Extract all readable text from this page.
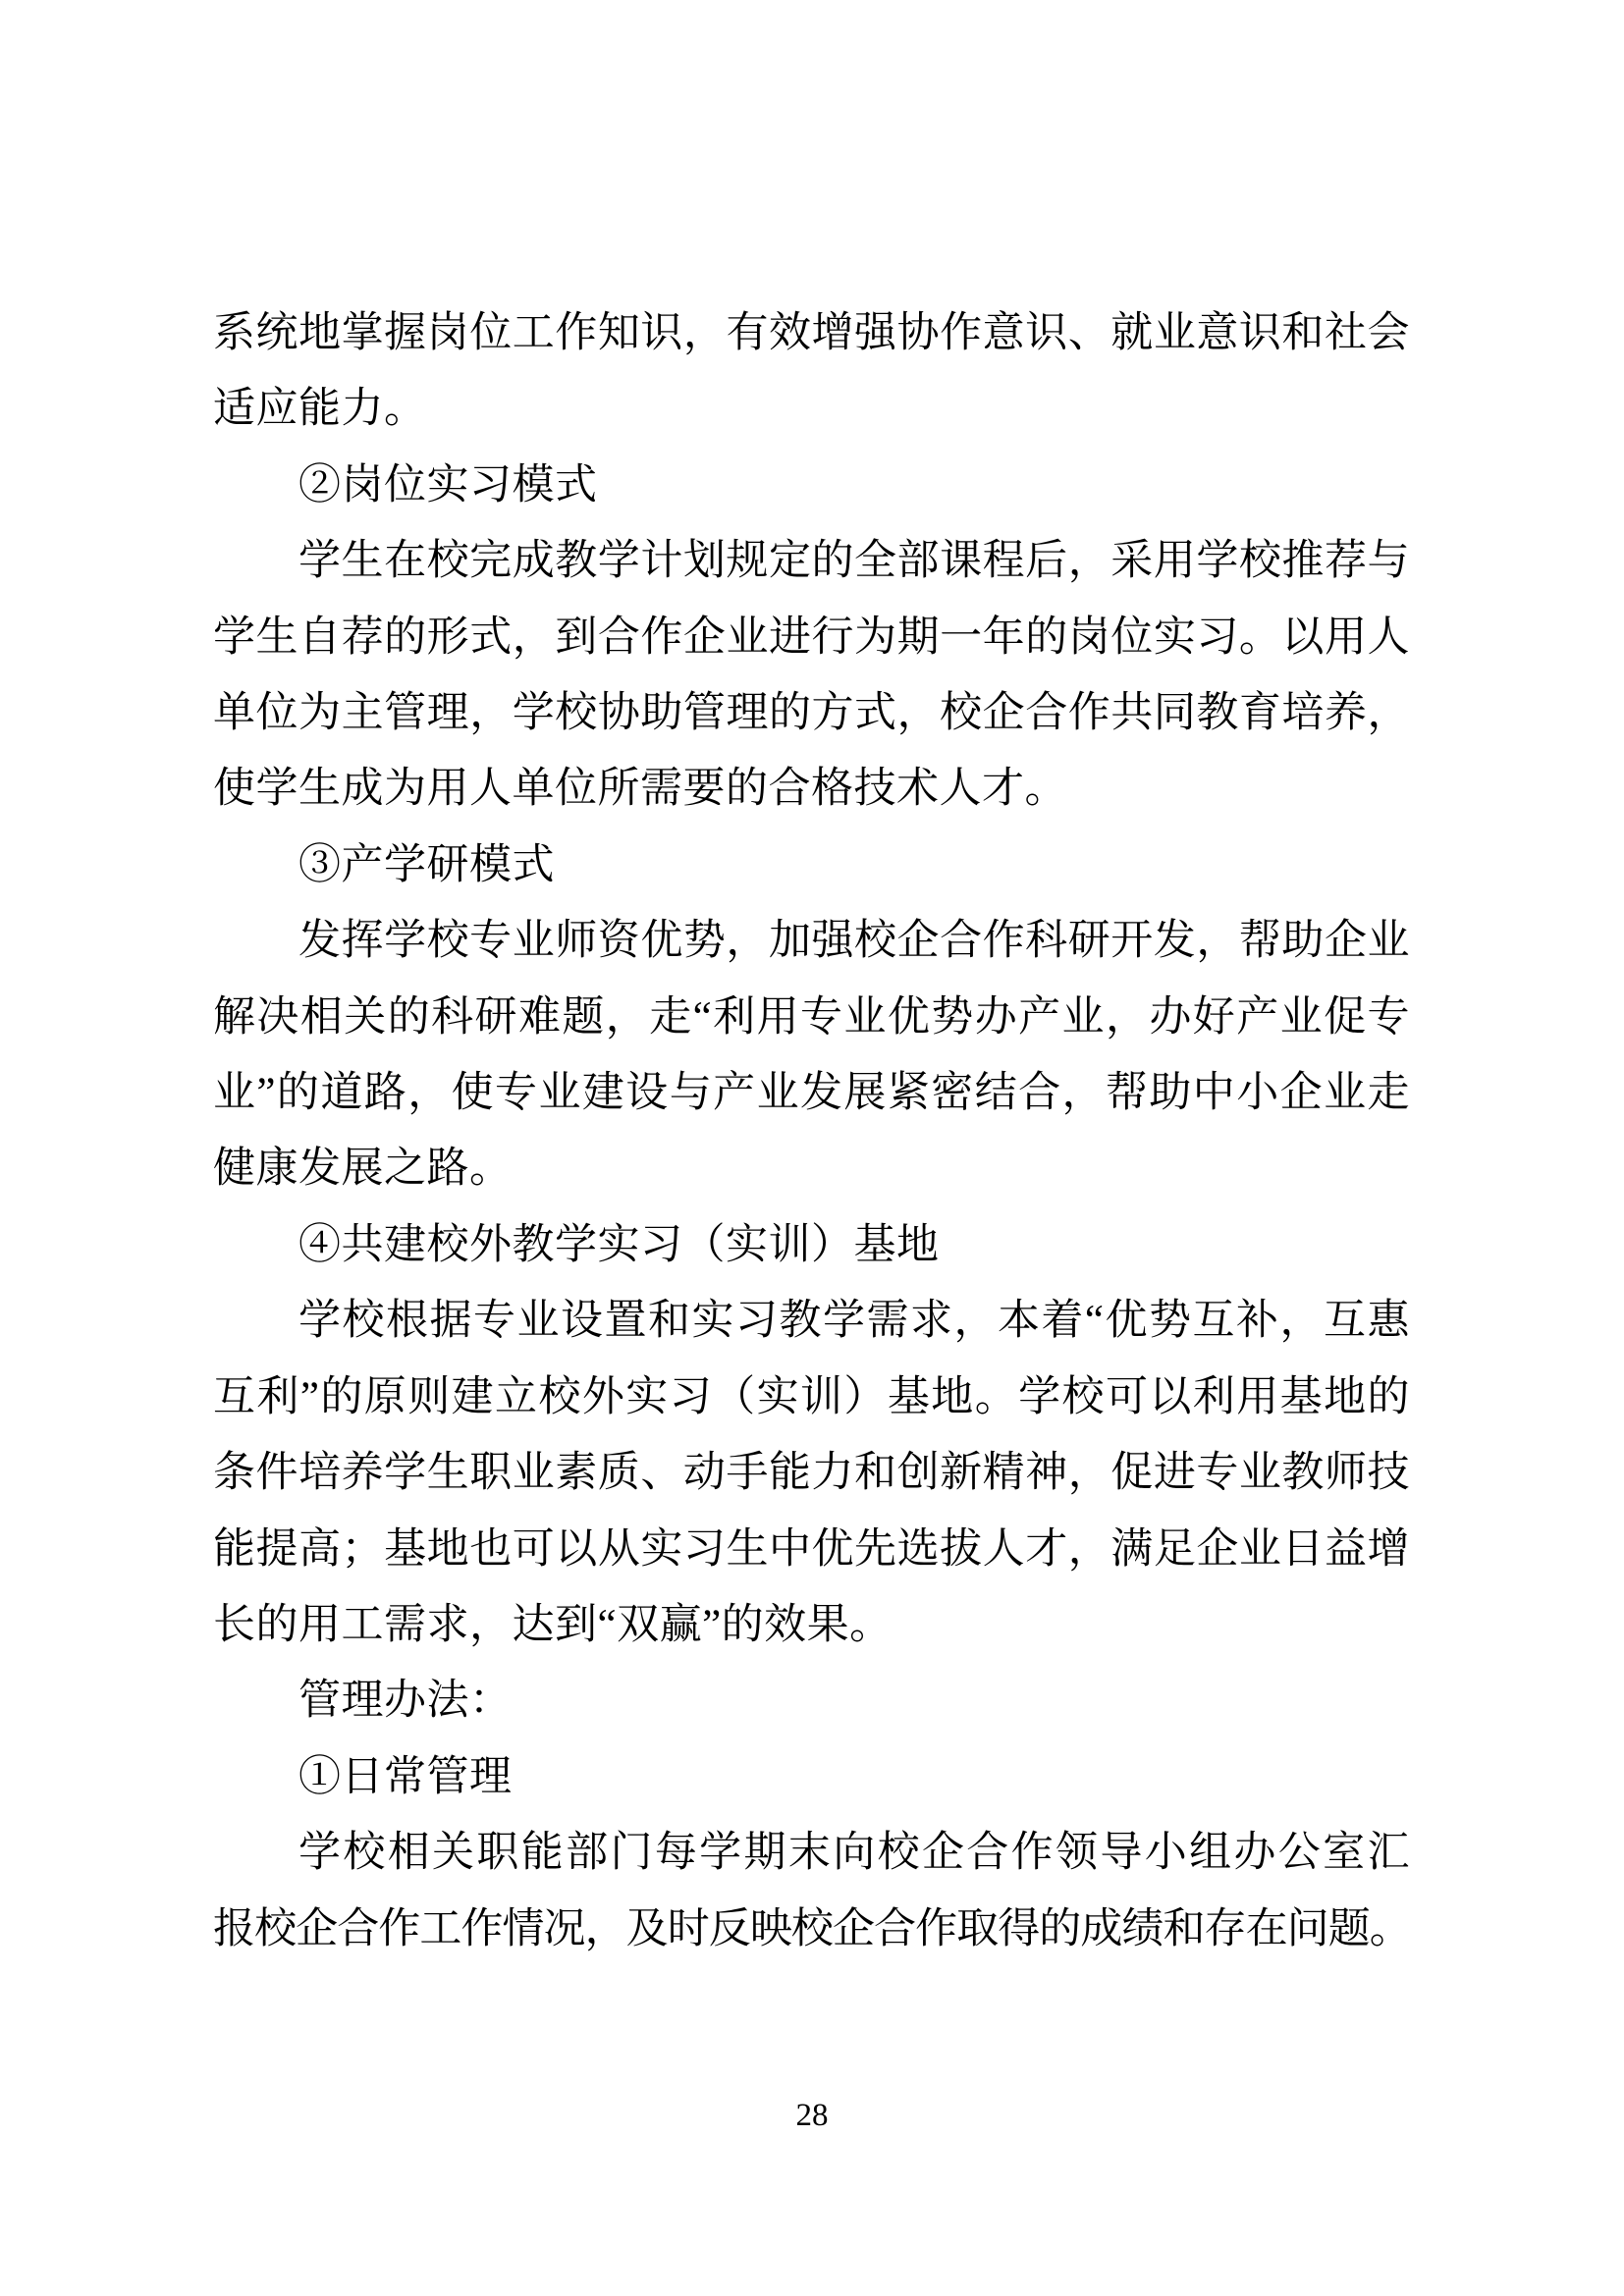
系统地掌握岗位工作知识，有效增强协作意识、就业意识和社会
适应能力。
②岗位实习模式
学生在校完成教学计划规定的全部课程后，采用学校推荐与
学生自荐的形式，到合作企业进行为期一年的岗位实习。以用人
单位为主管理，学校协助管理的方式，校企合作共同教育培养，
使学生成为用人单位所需要的合格技术人才。
③产学研模式
发挥学校专业师资优势，加强校企合作科研开发，帮助企业
解决相关的科研难题，走“利用专业优势办产业，办好产业促专
业”的道路，使专业建设与产业发展紧密结合，帮助中小企业走
健康发展之路。
④共建校外教学实习（实训）基地
学校根据专业设置和实习教学需求，本着“优势互补，互惠
互利”的原则建立校外实习（实训）基地。学校可以利用基地的
条件培养学生职业素质、动手能力和创新精神，促进专业教师技
能提高；基地也可以从实习生中优先选拔人才，满足企业日益增
长的用工需求，达到“双赢”的效果。
管理办法：
①日常管理
学校相关职能部门每学期末向校企合作领导小组办公室汇
报校企合作工作情况，及时反映校企合作取得的成绩和存在问题。
28
